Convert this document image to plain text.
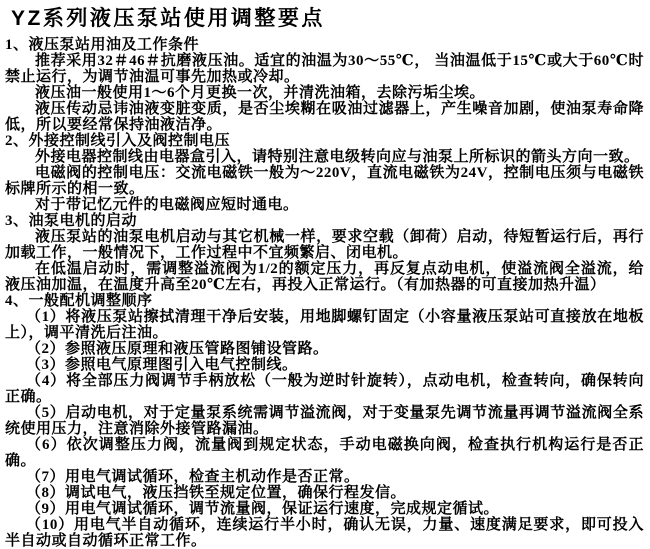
YZ系列液压泵站使用调整要点
1、液压泵站用油及工作条件

推荐采用32＃46＃抗磨液压油。适宜的油温为30～55℃， 当油温低于15℃或大于60℃时禁止运行，为调节油温可事先加热或冷却。

液压油一般使用1～6个月更换一次，并清洗油箱，去除污垢尘埃。

液压传动忌讳油液变脏变质，是否尘埃糊在吸油过滤器上，产生噪音加剧，使油泵寿命降低，所以要经常保持油液洁净。

2、外接控制线引入及阀控制电压

外接电器控制线由电器盒引入，请特别注意电级转向应与油泵上所标识的箭头方向一致。

电磁阀的控制电压：交流电磁铁一般为～220V，直流电磁铁为24V，控制电压须与电磁铁标牌所示的相一致。

对于带记忆元件的电磁阀应短时通电。

3、油泵电机的启动

液压泵站的油泵电机启动与其它机械一样，要求空载（卸荷）启动，待短暂运行后，再行加载工作，一般情况下，工作过程中不宜频繁启、闭电机。

在低温启动时，需调整溢流阀为1/2的额定压力，再反复点动电机，使溢流阀全溢流，给液压油加温，在温度升高至20℃左右，再投入正常运行。（有加热器的可直接加热升温）

4、一般配机调整顺序

（1）将液压泵站擦拭清理干净后安装，用地脚螺钉固定（小容量液压泵站可直接放在地板上），调平清洗后注油。

（2）参照液压原理和液压管路图铺设管路。

（3）参照电气原理图引入电气控制线。

（4）将全部压力阀调节手柄放松（一般为逆时针旋转），点动电机，检查转向，确保转向正确。

（5）启动电机，对于定量泵系统需调节溢流阀，对于变量泵先调节流量再调节溢流阀全系统使用压力，注意消除外接管路漏油。

（6）依次调整压力阀，流量阀到规定状态，手动电磁换向阀，检查执行机构运行是否正确。

（7）用电气调试循环，检查主机动作是否正常。

（8）调试电气，液压挡铁至规定位置，确保行程发信。

（9）用电气调试循环，调节流量阀，保证运行速度，完成规定循试。

（10）用电气半自动循环，连续运行半小时，确认无误，力量、速度满足要求，即可投入半自动或自动循环正常工作。
